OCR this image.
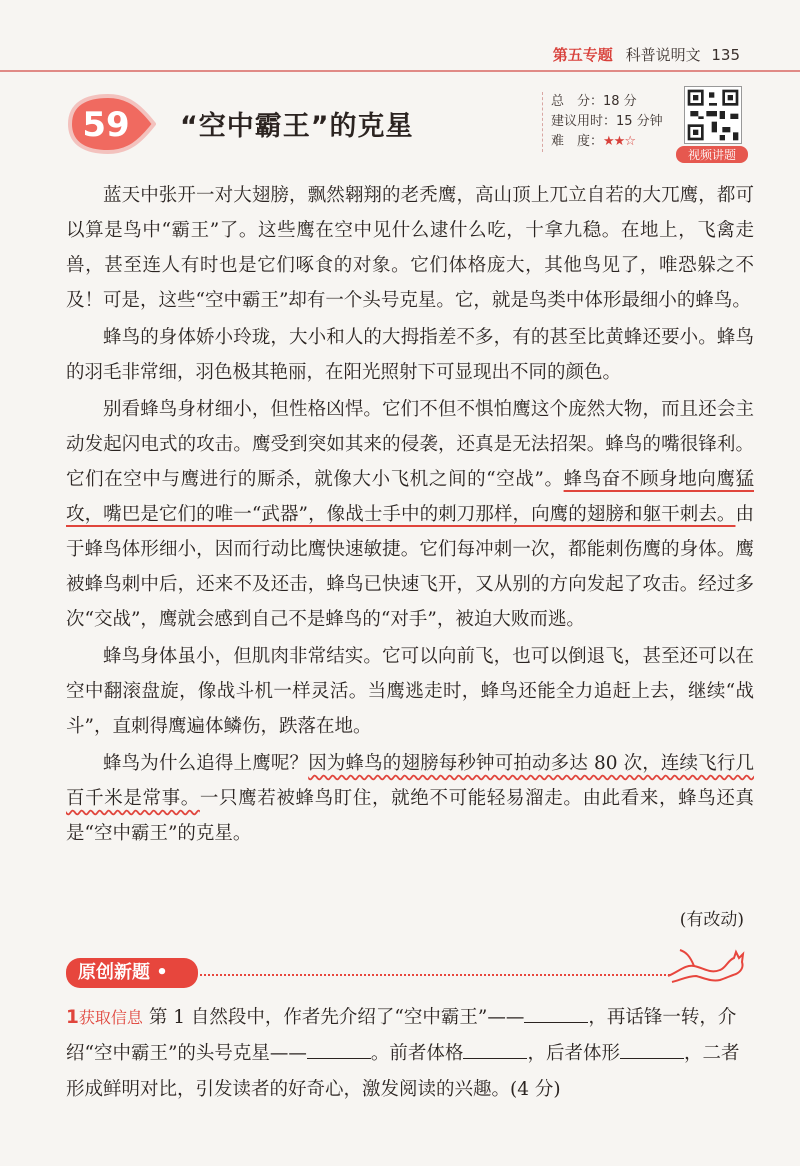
第五专题 科普说明文 135
59 “空中霸王”的克星
总　分：18 分
建议用时：15 分钟
难　度：★★☆
视频讲题

蓝天中张开一对大翅膀，飘然翱翔的老秃鹰，高山顶上兀立自若的大兀鹰，都可以算是鸟中“霸王”了。这些鹰在空中见什么逮什么吃，十拿九稳。在地上，飞禽走兽，甚至连人有时也是它们啄食的对象。它们体格庞大，其他鸟见了，唯恐躲之不及！可是，这些“空中霸王”却有一个头号克星。它，就是鸟类中体形最细小的蜂鸟。

蜂鸟的身体娇小玲珑，大小和人的大拇指差不多，有的甚至比黄蜂还要小。蜂鸟的羽毛非常细，羽色极其艳丽，在阳光照射下可显现出不同的颜色。

别看蜂鸟身材细小，但性格凶悍。它们不但不惧怕鹰这个庞然大物，而且还会主动发起闪电式的攻击。鹰受到突如其来的侵袭，还真是无法招架。蜂鸟的嘴很锋利。它们在空中与鹰进行的厮杀，就像大小飞机之间的“空战”。蜂鸟奋不顾身地向鹰猛攻，嘴巴是它们的唯一“武器”，像战士手中的刺刀那样，向鹰的翅膀和躯干刺去。由于蜂鸟体形细小，因而行动比鹰快速敏捷。它们每冲刺一次，都能刺伤鹰的身体。鹰被蜂鸟刺中后，还来不及还击，蜂鸟已快速飞开，又从别的方向发起了攻击。经过多次“交战”，鹰就会感到自己不是蜂鸟的“对手”，被迫大败而逃。

蜂鸟身体虽小，但肌肉非常结实。它可以向前飞，也可以倒退飞，甚至还可以在空中翻滚盘旋，像战斗机一样灵活。当鹰逃走时，蜂鸟还能全力追赶上去，继续“战斗”，直刺得鹰遍体鳞伤，跌落在地。

蜂鸟为什么追得上鹰呢？因为蜂鸟的翅膀每秒钟可拍动多达 80 次，连续飞行几百千米是常事。一只鹰若被蜂鸟盯住，就绝不可能轻易溜走。由此看来，蜂鸟还真是“空中霸王”的克星。

(有改动)
原创新题 •
1获取信息 第 1 自然段中，作者先介绍了“空中霸王”——	，再话锋一转，介绍“空中霸王”的头号克星——	。前者体格	，后者体形	，二者形成鲜明对比，引发读者的好奇心，激发阅读的兴趣。(4 分)
